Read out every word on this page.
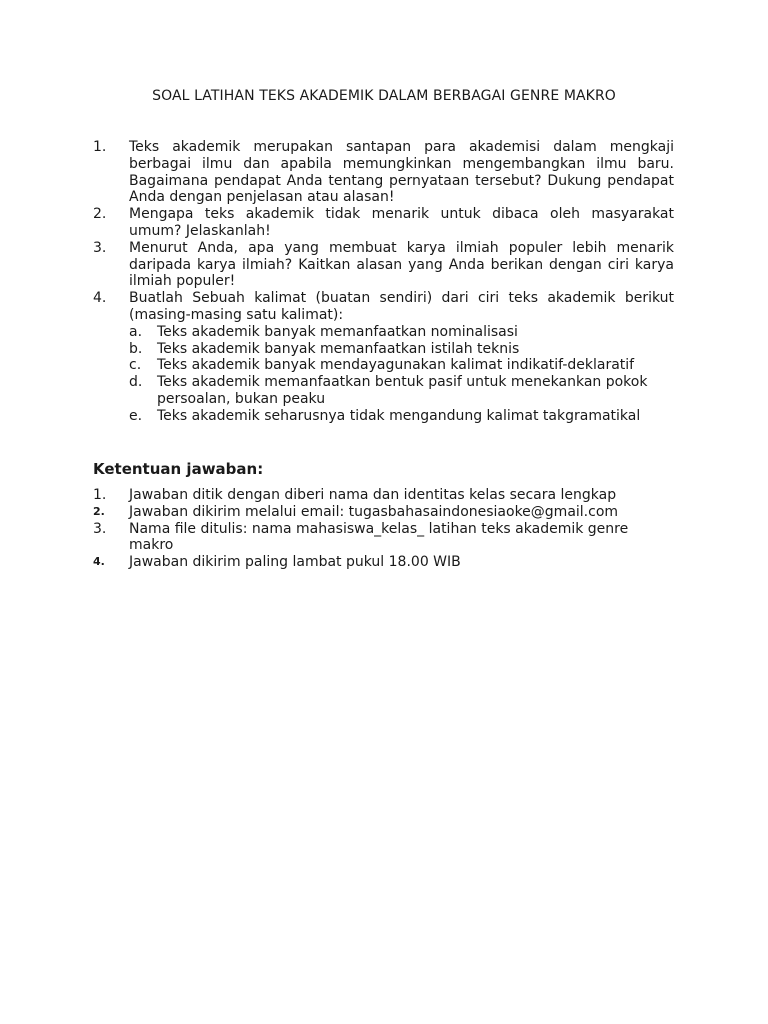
SOAL LATIHAN TEKS AKADEMIK DALAM BERBAGAI GENRE MAKRO
1.	Teks akademik merupakan santapan para akademisi dalam mengkaji berbagai ilmu dan apabila memungkinkan mengembangkan ilmu baru. Bagaimana pendapat Anda tentang pernyataan tersebut? Dukung pendapat Anda dengan penjelasan atau alasan!
2.	Mengapa teks akademik tidak menarik untuk dibaca oleh masyarakat umum? Jelaskanlah!
3.	Menurut Anda, apa yang membuat karya ilmiah populer lebih menarik daripada karya ilmiah? Kaitkan alasan yang Anda berikan dengan ciri karya ilmiah populer!
4.	Buatlah Sebuah kalimat (buatan sendiri) dari ciri teks akademik berikut (masing-masing satu kalimat):
a. Teks akademik banyak memanfaatkan nominalisasi
b. Teks akademik banyak memanfaatkan istilah teknis
c. Teks akademik banyak mendayagunakan kalimat indikatif-deklaratif
d. Teks akademik memanfaatkan bentuk pasif untuk menekankan pokok persoalan, bukan peaku
e. Teks akademik seharusnya tidak mengandung kalimat takgramatikal
Ketentuan jawaban:
1.	Jawaban ditik dengan diberi nama dan identitas kelas secara lengkap
2.	Jawaban dikirim melalui email: tugasbahasaindonesiaoke@gmail.com
3.	Nama file ditulis: nama mahasiswa_kelas_ latihan teks akademik genre makro
4.	Jawaban dikirim paling lambat pukul 18.00 WIB
